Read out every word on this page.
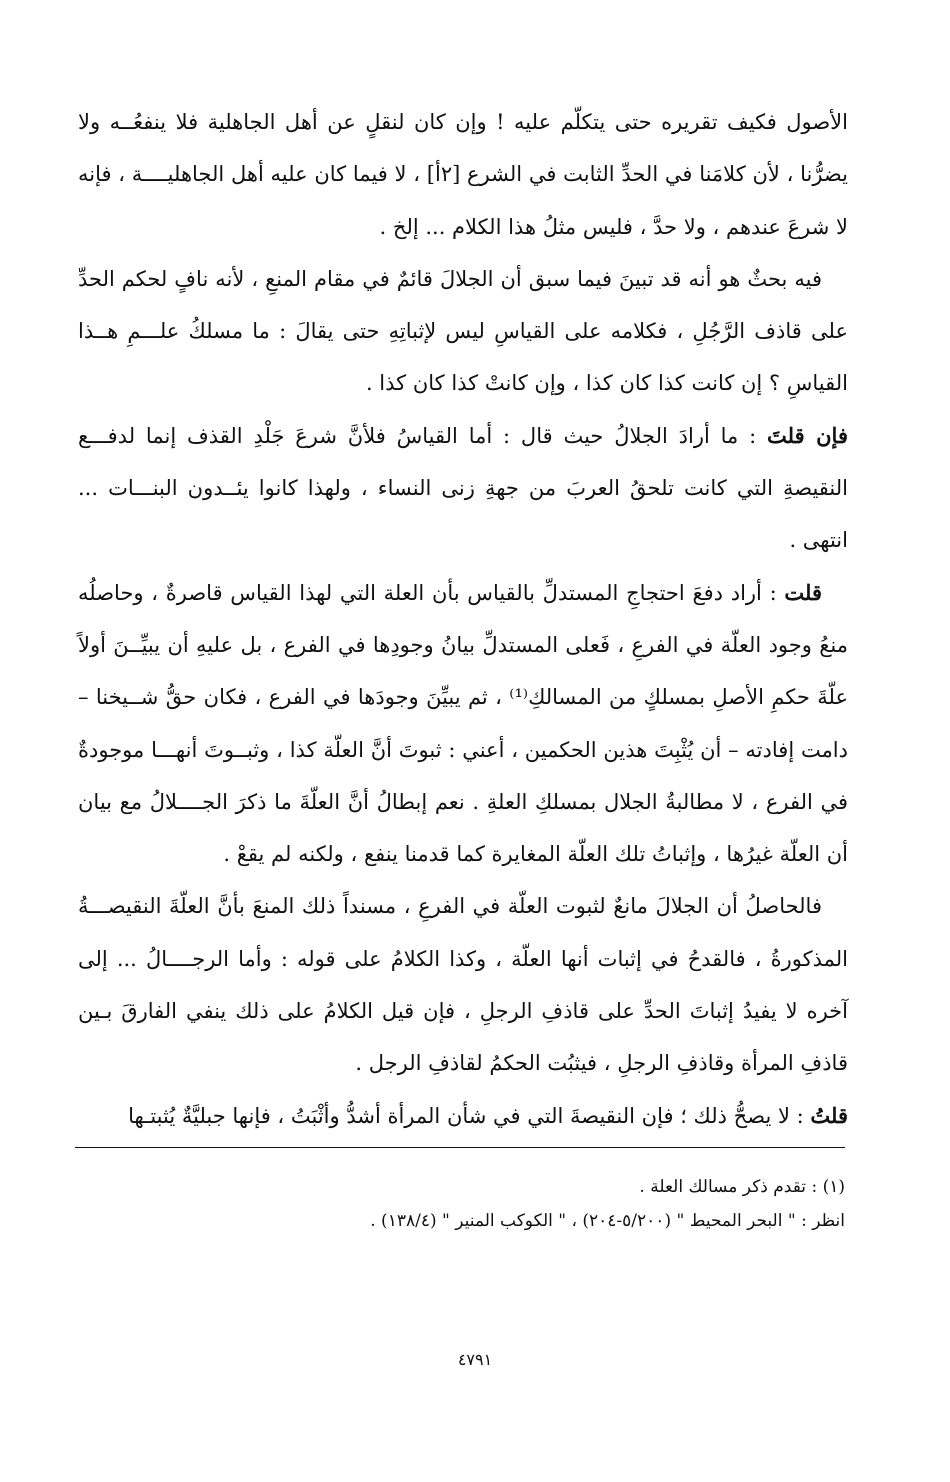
الأصول فكيف تقريره حتى يتكلّم عليه ! وإن كان لنقلٍ عن أهل الجاهلية فلا ينفعُــه ولا يضرُّنا ، لأن كلامَنا في الحدِّ الثابت في الشرع [٢أ] ، لا فيما كان عليه أهل الجاهليــــة ، فإنه لا شرعَ عندهم ، ولا حدَّ ، فليس مثلُ هذا الكلام ... إلخ .

فيه بحثٌ هو أنه قد تبينَ فيما سبق أن الجلالَ قائمٌ في مقام المنعِ ، لأنه نافٍ لحكم الحدِّ على قاذف الرَّجُلِ ، فكلامه على القياسِ ليس لإثباتِهِ حتى يقالَ : ما مسلكُ علـــمِ هــذا القياسِ ؟ إن كانت كذا كان كذا ، وإن كانتْ كذا كان كذا .

فإن قلتَ : ما أرادَ الجلالُ حيث قال : أما القياسُ فلأنَّ شرعَ جَلْدِ القذف إنما لدفـــع النقيصةِ التي كانت تلحقُ العربَ من جهةِ زنى النساء ، ولهذا كانوا يئــدون البنـــات ... انتهى .

قلت : أراد دفعَ احتجاجِ المستدلِّ بالقياس بأن العلة التي لهذا القياس قاصرةٌ ، وحاصلُه منعُ وجود العلّة في الفرعِ ، فَعلى المستدلِّ بيانُ وجودِها في الفرع ، بل عليهِ أن يبيِّــنَ أولاً علّةَ حكمِ الأصلِ بمسلكٍ من المسالكِ⁽¹⁾ ، ثم يبيِّنَ وجودَها في الفرع ، فكان حقُّ شــيخنا – دامت إفادته – أن يُثْبِتَ هذين الحكمين ، أعني : ثبوتَ أنَّ العلّة كذا ، وثبــوتَ أنهـــا موجودةٌ في الفرع ، لا مطالبةُ الجلال بمسلكِ العلةِ . نعم إبطالُ أنَّ العلّةَ ما ذكرَ الجــــلالُ مع بيان أن العلّة غيرُها ، وإثباتُ تلك العلّة المغايرة كما قدمنا ينفع ، ولكنه لم يقعْ .

فالحاصلُ أن الجلالَ مانعٌ لثبوت العلّة في الفرعِ ، مسنداً ذلك المنعَ بأنَّ العلّةَ النقيصـــةُ المذكورةُ ، فالقدحُ في إثبات أنها العلّة ، وكذا الكلامُ على قوله : وأما الرجــــالُ ... إلى آخره لا يفيدُ إثباتَ الحدِّ على قاذفِ الرجلِ ، فإن قيل الكلامُ على ذلك ينفي الفارقَ بـين قاذفِ المرأة وقاذفِ الرجلِ ، فيثبُت الحكمُ لقاذفِ الرجل .

قلتُ : لا يصحُّ ذلك ؛ فإن النقيصةَ التي في شأن المرأة أشدُّ وأثْبَتُ ، فإنها جبليَّةٌ يُثبتـها

(١) : تقدم ذكر مسالك العلة .

انظر : " البحر المحيط " (٥/٢٠٠-٢٠٤) ، " الكوكب المنير " (١٣٨/٤) .

٤٧٩١
